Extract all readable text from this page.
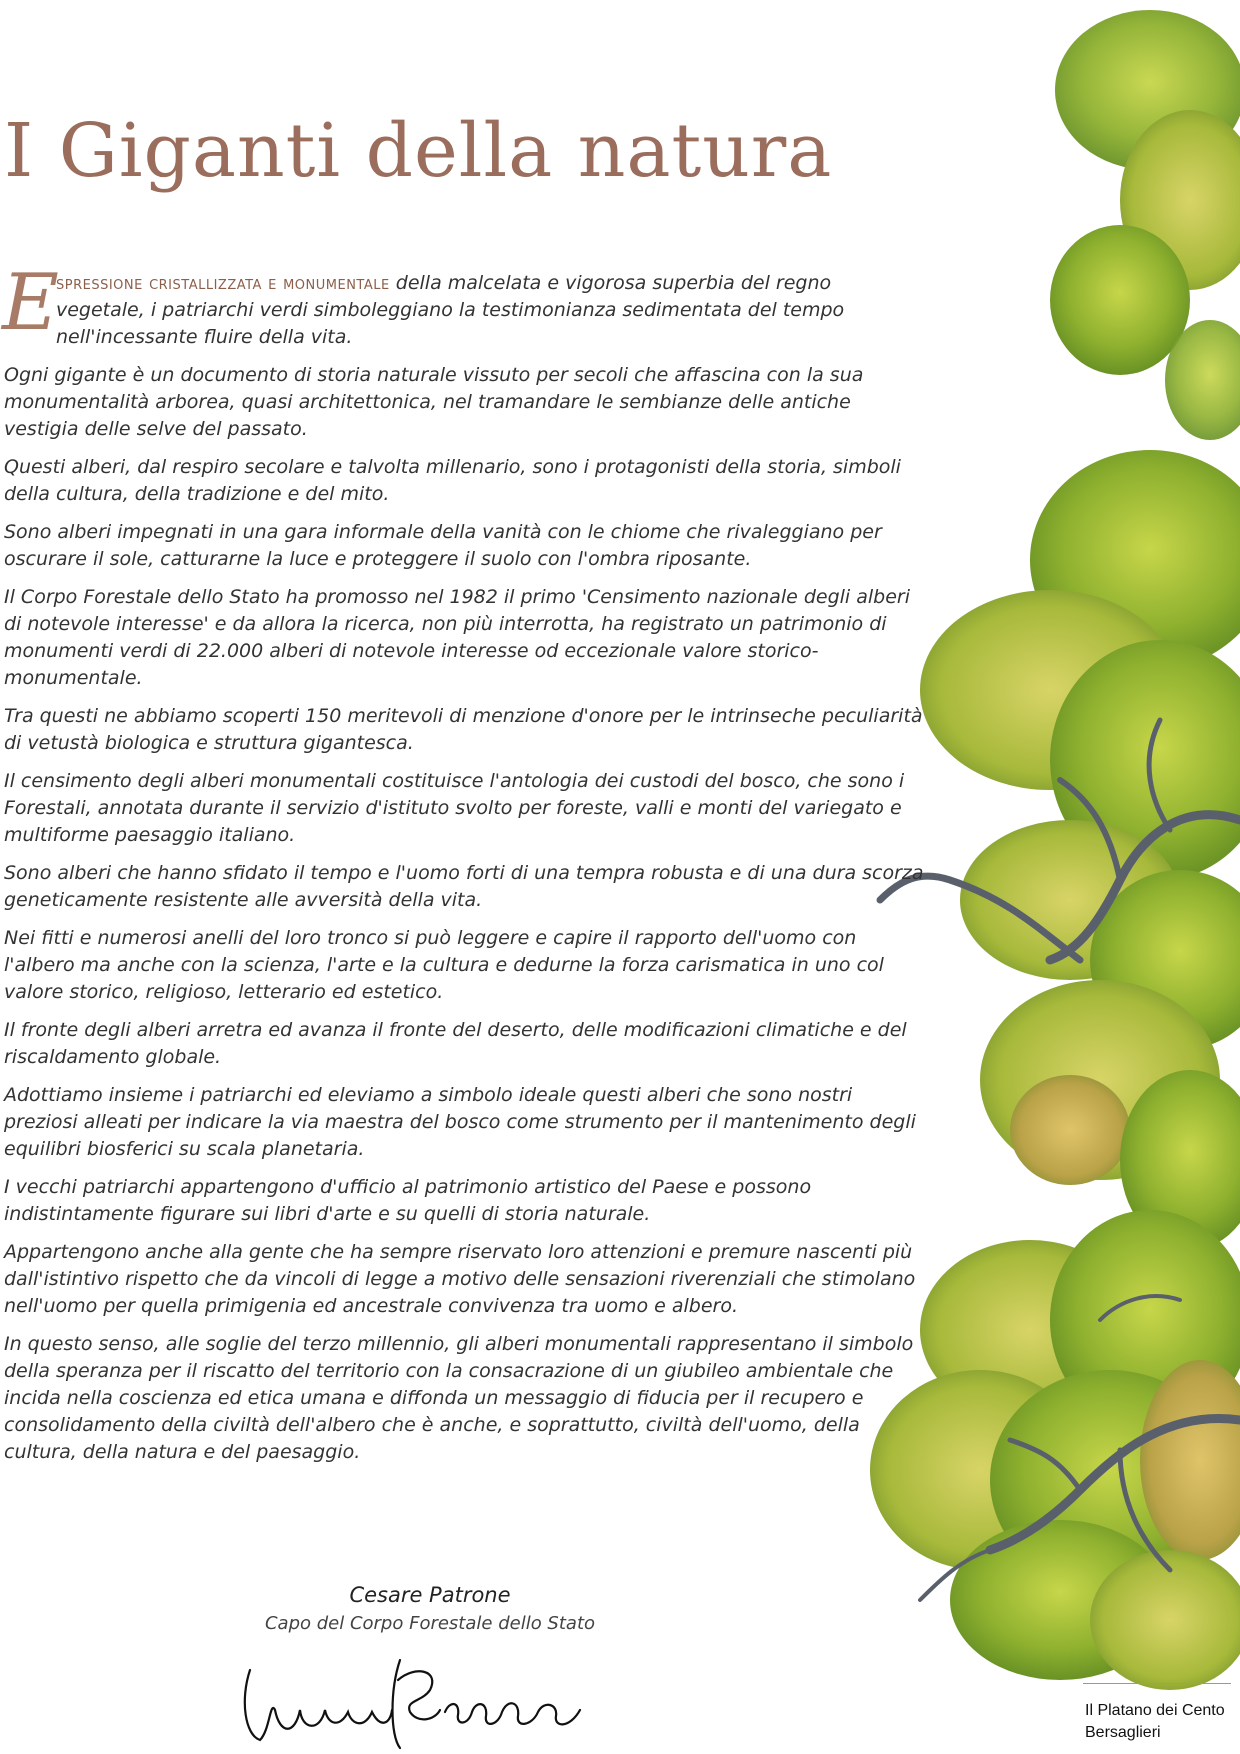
I Giganti della natura

E
spressione cristallizzata e monumentale della malcelata e vigorosa superbia del regno vegetale, i patriarchi verdi simboleggiano la testimonianza sedimentata del tempo nell'incessante fluire della vita.

Ogni gigante è un documento di storia naturale vissuto per secoli che affascina con la sua monumentalità arborea, quasi architettonica, nel tramandare le sembianze delle antiche vestigia delle selve del passato.

Questi alberi, dal respiro secolare e talvolta millenario, sono i protagonisti della storia, simboli della cultura, della tradizione e del mito.

Sono alberi impegnati in una gara informale della vanità con le chiome che rivaleggiano per oscurare il sole, catturarne la luce e proteggere il suolo con l'ombra riposante.

Il Corpo Forestale dello Stato ha promosso nel 1982 il primo 'Censimento nazionale degli alberi di notevole interesse' e da allora la ricerca, non più interrotta, ha registrato un patrimonio di monumenti verdi di 22.000 alberi di notevole interesse od eccezionale valore storico-monumentale.

Tra questi ne abbiamo scoperti 150 meritevoli di menzione d'onore per le intrinseche peculiarità di vetustà biologica e struttura gigantesca.

Il censimento degli alberi monumentali costituisce l'antologia dei custodi del bosco, che sono i Forestali, annotata durante il servizio d'istituto svolto per foreste, valli e monti del variegato e multiforme paesaggio italiano.

Sono alberi che hanno sfidato il tempo e l'uomo forti di una tempra robusta e di una dura scorza geneticamente resistente alle avversità della vita.

Nei fitti e numerosi anelli del loro tronco si può leggere e capire il rapporto dell'uomo con l'albero ma anche con la scienza, l'arte e la cultura e dedurne la forza carismatica in uno col valore storico, religioso, letterario ed estetico.

Il fronte degli alberi arretra ed avanza il fronte del deserto, delle modificazioni climatiche e del riscaldamento globale.

Adottiamo insieme i patriarchi ed eleviamo a simbolo ideale questi alberi che sono nostri preziosi alleati per indicare la via maestra del bosco come strumento per il mantenimento degli equilibri biosferici su scala planetaria.

I vecchi patriarchi appartengono d'ufficio al patrimonio artistico del Paese e possono indistintamente figurare sui libri d'arte e su quelli di storia naturale.

Appartengono anche alla gente che ha sempre riservato loro attenzioni e premure nascenti più dall'istintivo rispetto che da vincoli di legge a motivo delle sensazioni riverenziali che stimolano nell'uomo per quella primigenia ed ancestrale convivenza tra uomo e albero.

In questo senso, alle soglie del terzo millennio, gli alberi monumentali rappresentano il simbolo della speranza per il riscatto del territorio con la consacrazione di un giubileo ambientale che incida nella coscienza ed etica umana e diffonda un messaggio di fiducia per il recupero e consolidamento della civiltà dell'albero che è anche, e soprattutto, civiltà dell'uomo, della cultura, della natura e del paesaggio.

Cesare Patrone

Capo del Corpo Forestale dello Stato

Il Platano dei Cento
Bersaglieri
